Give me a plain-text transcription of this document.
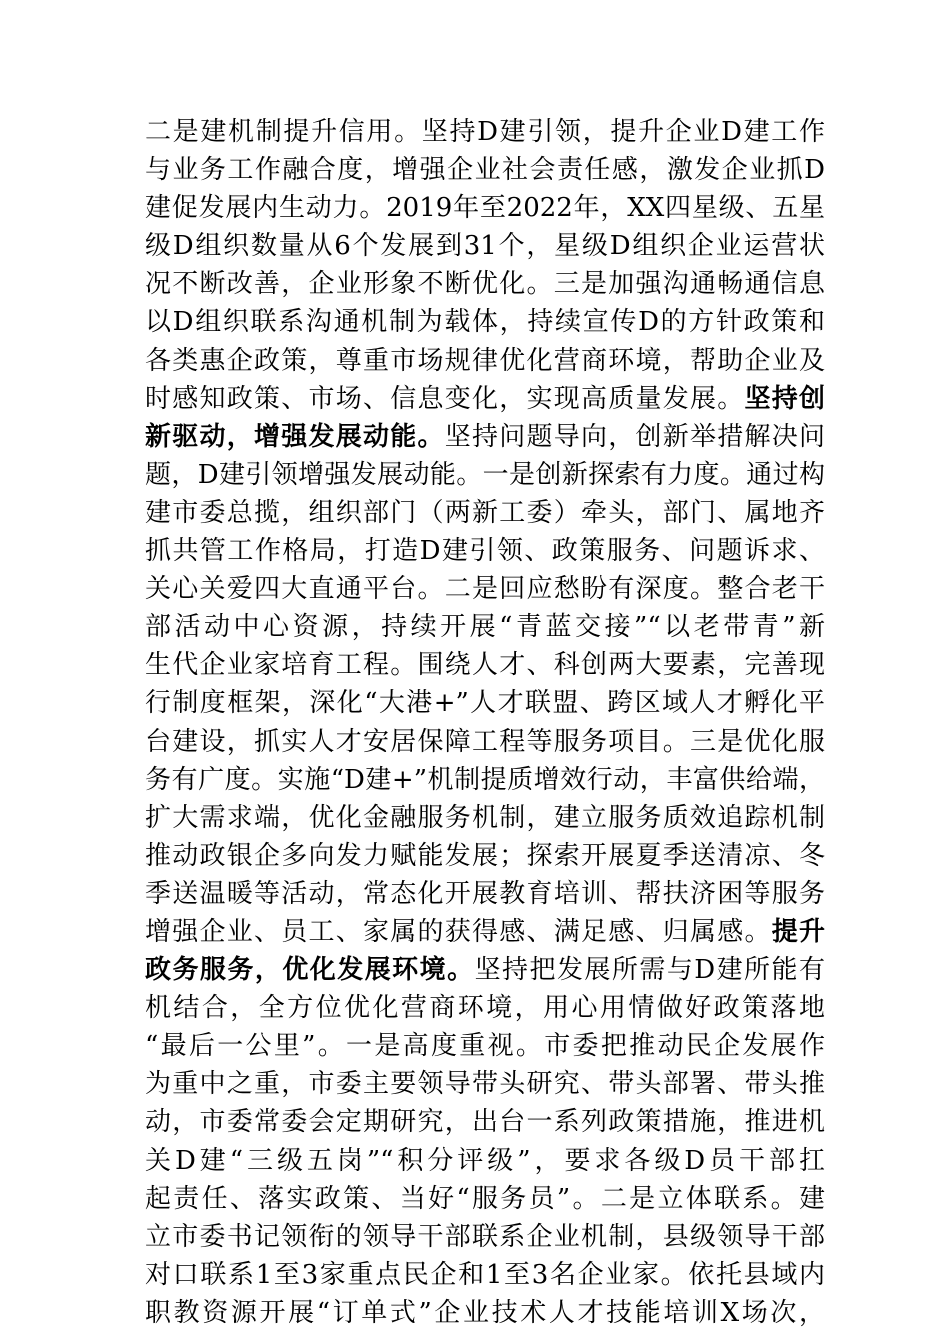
二是建机制提升信用。坚持D建引领，提升企业D建工作
与业务工作融合度，增强企业社会责任感，激发企业抓D
建促发展内生动力。2019年至2022年，XX四星级、五星
级D组织数量从6个发展到31个，星级D组织企业运营状
况不断改善，企业形象不断优化。三是加强沟通畅通信息
以D组织联系沟通机制为载体，持续宣传D的方针政策和
各类惠企政策，尊重市场规律优化营商环境，帮助企业及
时感知政策、市场、信息变化，实现高质量发展。坚持创
新驱动，增强发展动能。坚持问题导向，创新举措解决问
题，D建引领增强发展动能。一是创新探索有力度。通过构
建市委总揽，组织部门（两新工委）牵头，部门、属地齐
抓共管工作格局，打造D建引领、政策服务、问题诉求、
关心关爱四大直通平台。二是回应愁盼有深度。整合老干
部活动中心资源，持续开展“青蓝交接”“以老带青”新
生代企业家培育工程。围绕人才、科创两大要素，完善现
行制度框架，深化“大港+”人才联盟、跨区域人才孵化平
台建设，抓实人才安居保障工程等服务项目。三是优化服
务有广度。实施“D建+”机制提质增效行动，丰富供给端，
扩大需求端，优化金融服务机制，建立服务质效追踪机制
推动政银企多向发力赋能发展；探索开展夏季送清凉、冬
季送温暖等活动，常态化开展教育培训、帮扶济困等服务
增强企业、员工、家属的获得感、满足感、归属感。提升
政务服务，优化发展环境。坚持把发展所需与D建所能有
机结合，全方位优化营商环境，用心用情做好政策落地
“最后一公里”。一是高度重视。市委把推动民企发展作
为重中之重，市委主要领导带头研究、带头部署、带头推
动，市委常委会定期研究，出台一系列政策措施，推进机
关D建“三级五岗”“积分评级”，要求各级D员干部扛
起责任、落实政策、当好“服务员”。二是立体联系。建
立市委书记领衔的领导干部联系企业机制，县级领导干部
对口联系1至3家重点民企和1至3名企业家。依托县域内
职教资源开展“订单式”企业技术人才技能培训X场次，
